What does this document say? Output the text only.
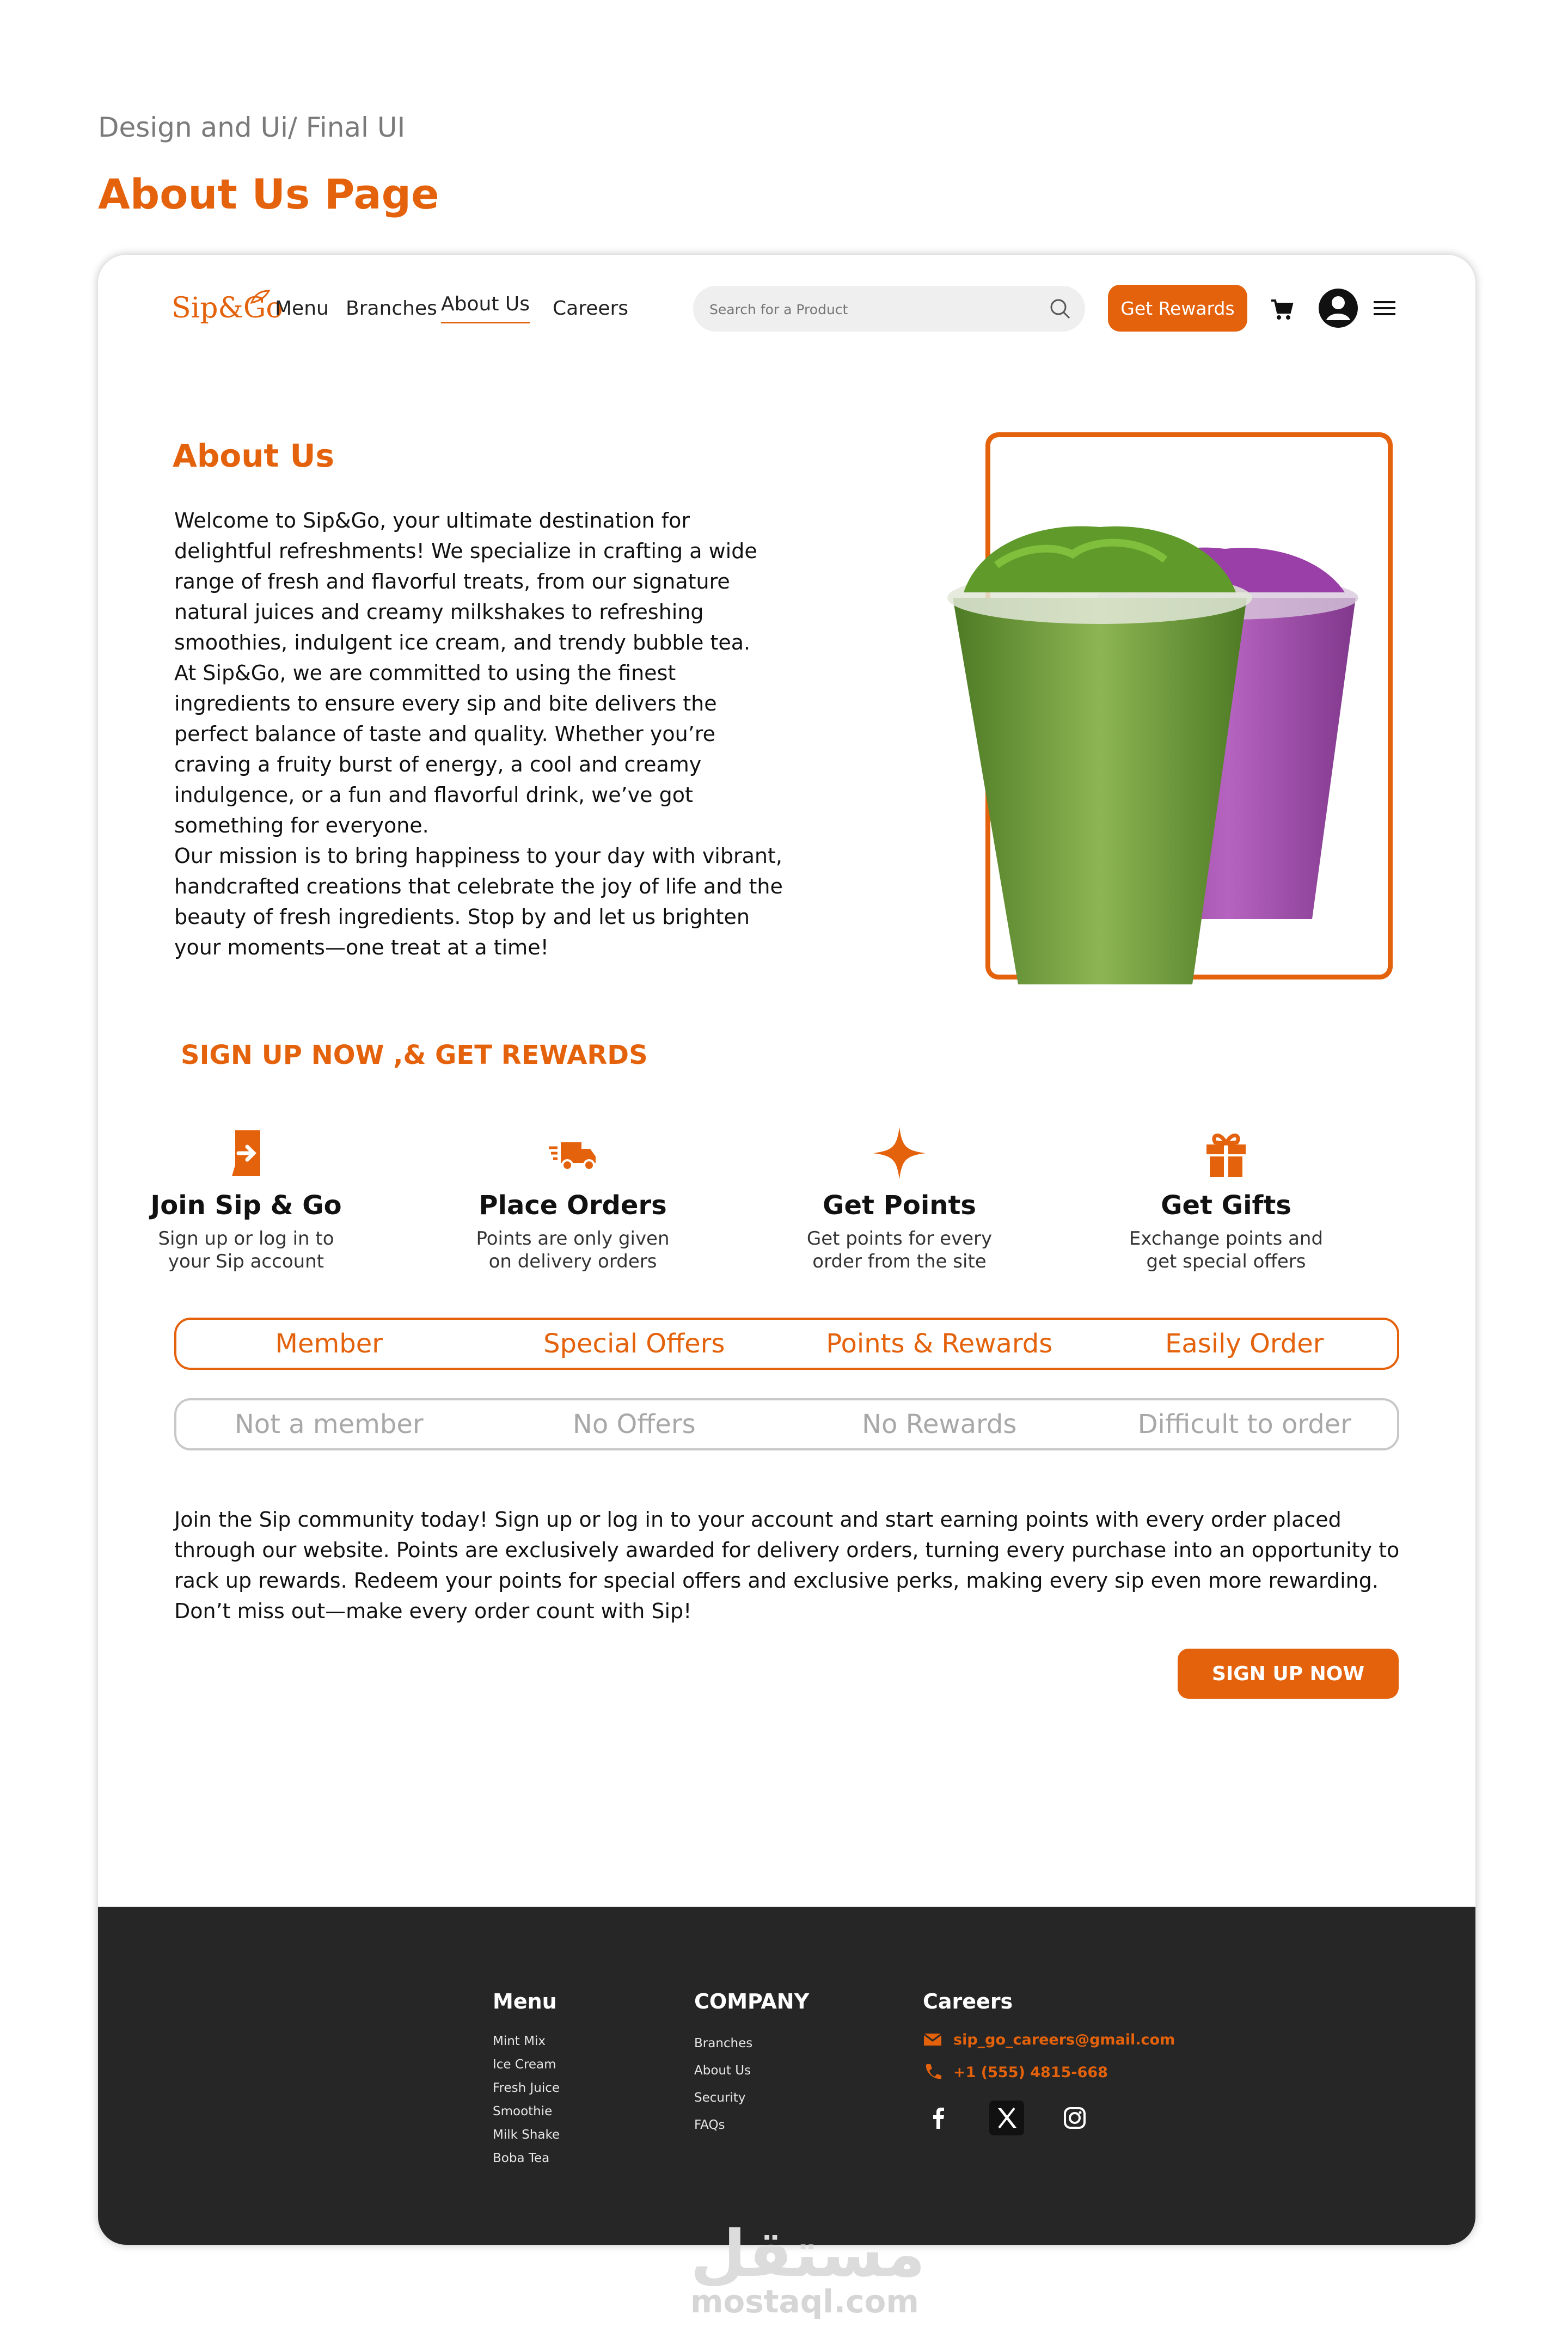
Design and Ui/ Final UI
About Us Page
Sip&Go
Menu Branches About Us Careers
Search for a Product	Get Rewards
About Us

Welcome to Sip&Go, your ultimate destination for delightful refreshments! We specialize in crafting a wide range of fresh and flavorful treats, from our signature natural juices and creamy milkshakes to refreshing smoothies, indulgent ice cream, and trendy bubble tea.

At Sip&Go, we are committed to using the finest ingredients to ensure every sip and bite delivers the perfect balance of taste and quality. Whether you’re craving a fruity burst of energy, a cool and creamy indulgence, or a fun and flavorful drink, we’ve got something for everyone.

Our mission is to bring happiness to your day with vibrant, handcrafted creations that celebrate the joy of life and the beauty of fresh ingredients. Stop by and let us brighten your moments—one treat at a time!

SIGN UP NOW ,& GET REWARDS
Join Sip & Go
Sign up or log in to your Sip account
Place Orders
Points are only given on delivery orders
Get Points
Get points for every order from the site
Get Gifts
Exchange points and get special offers
Member	Special Offers	Points & Rewards	Easily Order
Not a member	No Offers	No Rewards	Difficult to order
Join the Sip community today! Sign up or log in to your account and start earning points with every order placed through our website. Points are exclusively awarded for delivery orders, turning every purchase into an opportunity to rack up rewards. Redeem your points for special offers and exclusive perks, making every sip even more rewarding. Don’t miss out—make every order count with Sip!
SIGN UP NOW
Menu
Mint Mix
Ice Cream
Fresh Juice
Smoothie
Milk Shake
Boba Tea
COMPANY
Branches
About Us
Security
FAQs
Careers
sip_go_careers@gmail.com
+1 (555) 4815-668
مستقل
mostaql.com
